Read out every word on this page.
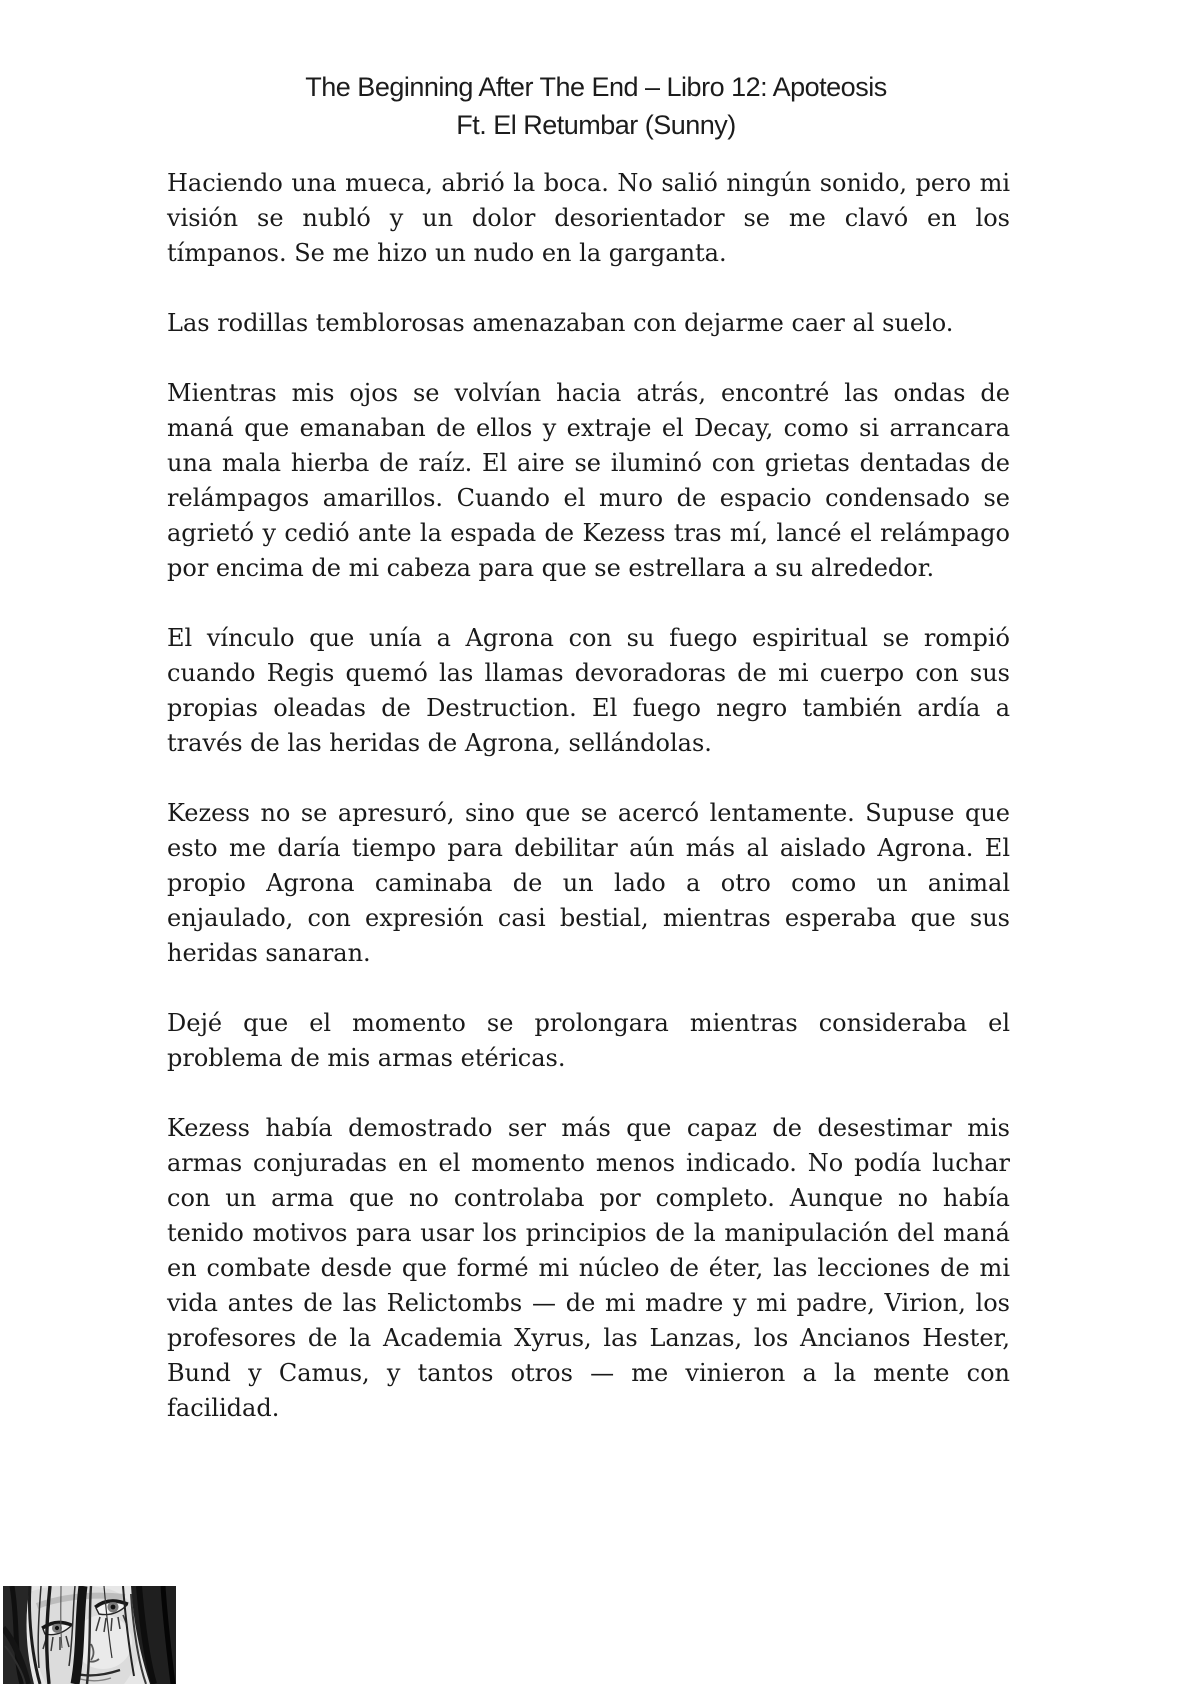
The Beginning After The End – Libro 12: Apoteosis
Ft. El Retumbar (Sunny)

Haciendo una mueca, abrió la boca. No salió ningún sonido, pero mi visión se nubló y un dolor desorientador se me clavó en los tímpanos. Se me hizo un nudo en la garganta.

Las rodillas temblorosas amenazaban con dejarme caer al suelo.

Mientras mis ojos se volvían hacia atrás, encontré las ondas de maná que emanaban de ellos y extraje el Decay, como si arrancara una mala hierba de raíz. El aire se iluminó con grietas dentadas de relámpagos amarillos. Cuando el muro de espacio condensado se agrietó y cedió ante la espada de Kezess tras mí, lancé el relámpago por encima de mi cabeza para que se estrellara a su alrededor.

El vínculo que unía a Agrona con su fuego espiritual se rompió cuando Regis quemó las llamas devoradoras de mi cuerpo con sus propias oleadas de Destruction. El fuego negro también ardía a través de las heridas de Agrona, sellándolas.

Kezess no se apresuró, sino que se acercó lentamente. Supuse que esto me daría tiempo para debilitar aún más al aislado Agrona. El propio Agrona caminaba de un lado a otro como un animal enjaulado, con expresión casi bestial, mientras esperaba que sus heridas sanaran.

Dejé que el momento se prolongara mientras consideraba el problema de mis armas etéricas.

Kezess había demostrado ser más que capaz de desestimar mis armas conjuradas en el momento menos indicado. No podía luchar con un arma que no controlaba por completo. Aunque no había tenido motivos para usar los principios de la manipulación del maná en combate desde que formé mi núcleo de éter, las lecciones de mi vida antes de las Relictombs — de mi madre y mi padre, Virion, los profesores de la Academia Xyrus, las Lanzas, los Ancianos Hester, Bund y Camus, y tantos otros — me vinieron a la mente con facilidad.
